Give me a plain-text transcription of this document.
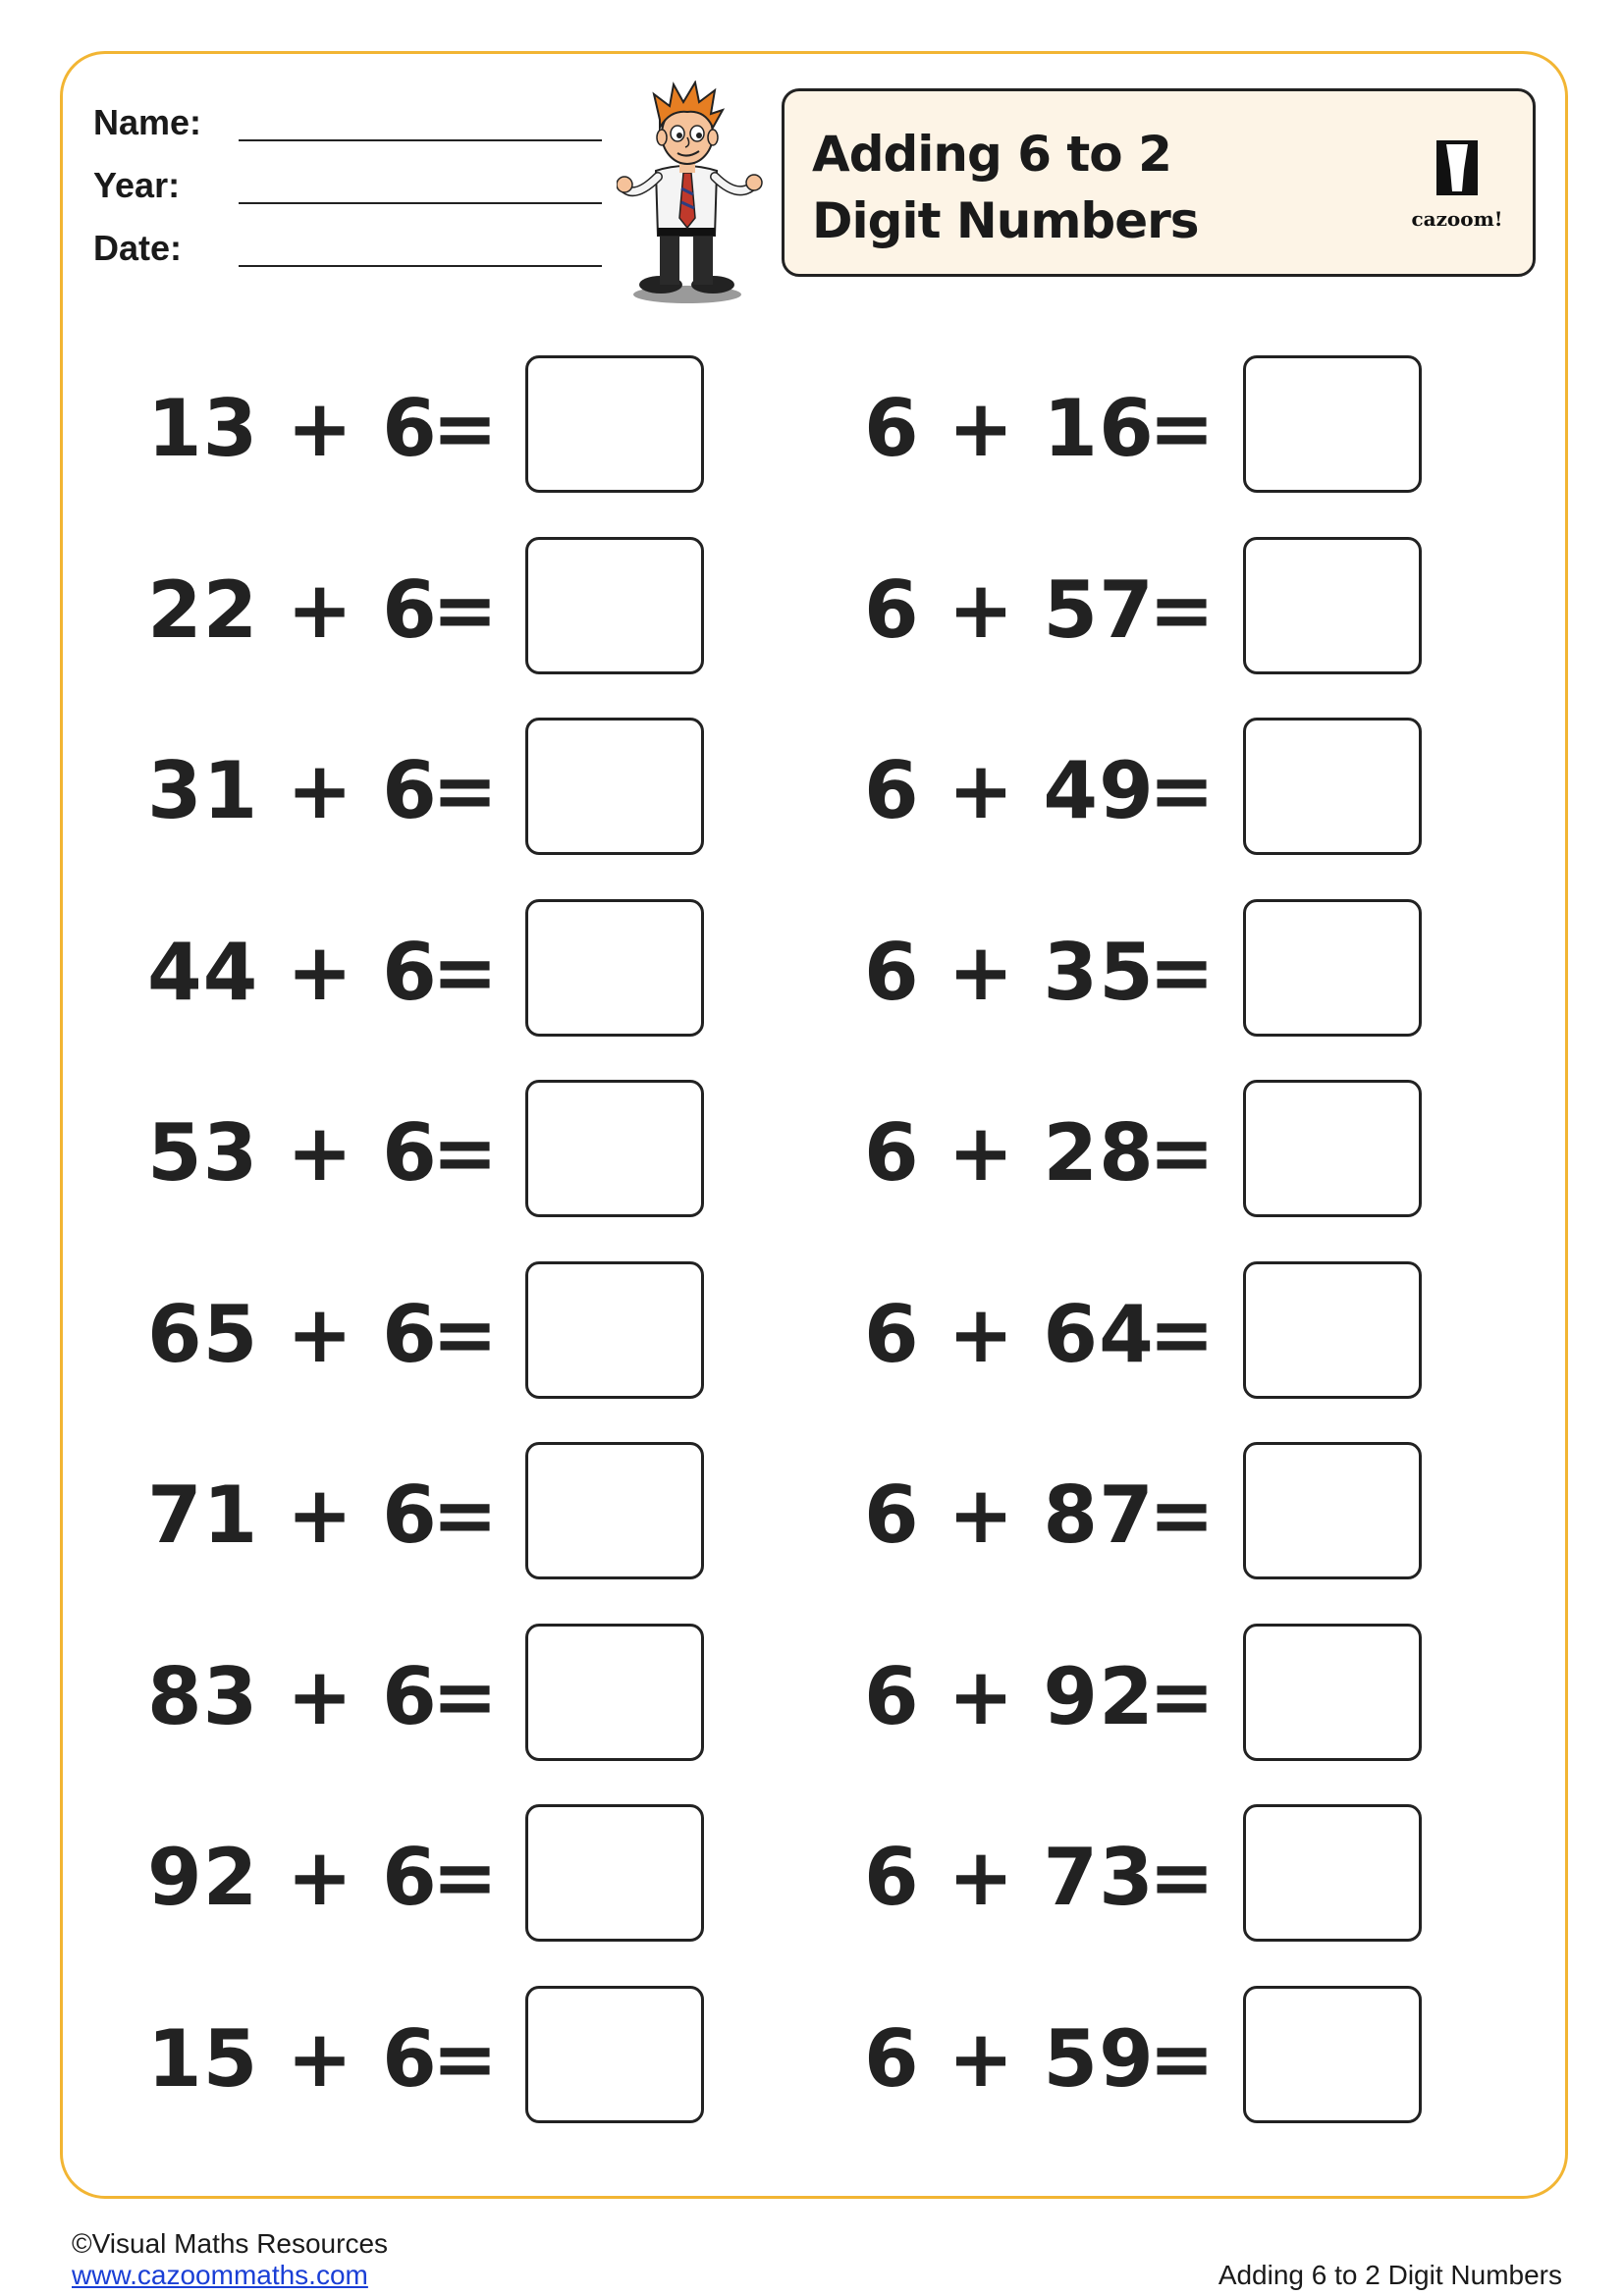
Name:
Year:
Date:
Adding 6 to 2
Digit Numbers	cazoom!
13 + 6
=
22 + 6
=
31 + 6
=
44 + 6
=
53 + 6
=
65 + 6
=
71 + 6
=
83 + 6
=
92 + 6
=
15 + 6
=
6 + 16
=
6 + 57
=
6 + 49
=
6 + 35
=
6 + 28
=
6 + 64
=
6 + 87
=
6 + 92
=
6 + 73
=
6 + 59
=
©Visual Maths Resources
www.cazoommaths.com	Adding 6 to 2 Digit Numbers
